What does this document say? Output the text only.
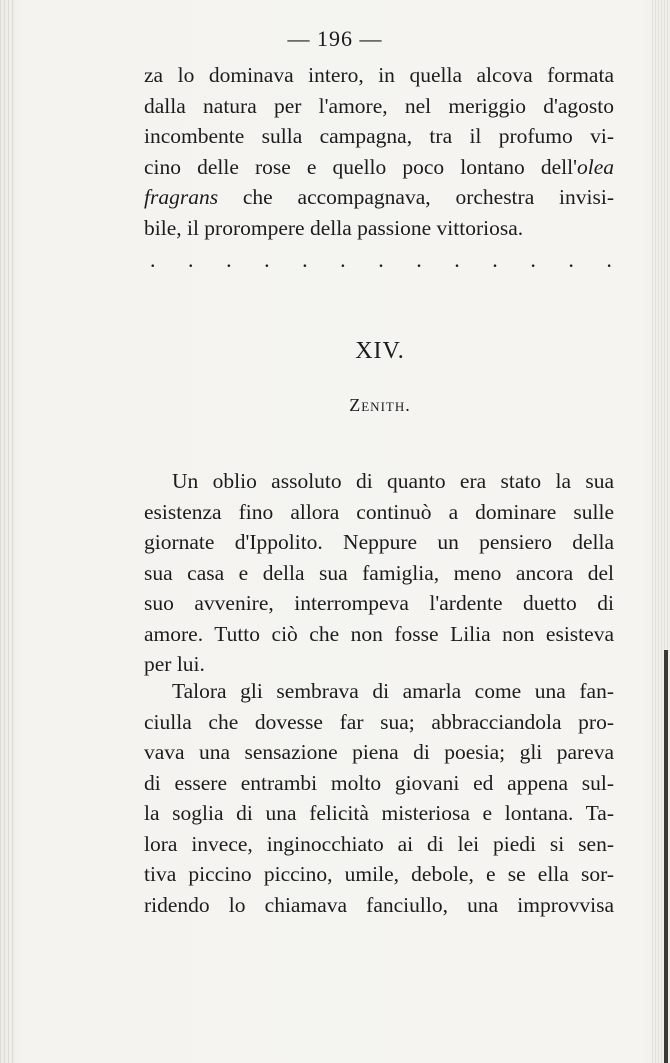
— 196 —
za lo dominava intero, in quella alcova formata
dalla natura per l'amore, nel meriggio d'agosto
incombente sulla campagna, tra il profumo vi-
cino delle rose e quello poco lontano dell'olea
fragrans che accompagnava, orchestra invisi-
bile, il prorompere della passione vittoriosa.
. . . . . . . . . . . . .
XIV.
Zenith.
Un oblio assoluto di quanto era stato la sua
esistenza fino allora continuò a dominare sulle
giornate d'Ippolito. Neppure un pensiero della
sua casa e della sua famiglia, meno ancora del
suo avvenire, interrompeva l'ardente duetto di
amore. Tutto ciò che non fosse Lilia non esisteva
per lui.
Talora gli sembrava di amarla come una fan-
ciulla che dovesse far sua; abbracciandola pro-
vava una sensazione piena di poesia; gli pareva
di essere entrambi molto giovani ed appena sul-
la soglia di una felicità misteriosa e lontana. Ta-
lora invece, inginocchiato ai di lei piedi si sen-
tiva piccino piccino, umile, debole, e se ella sor-
ridendo lo chiamava fanciullo, una improvvisa
